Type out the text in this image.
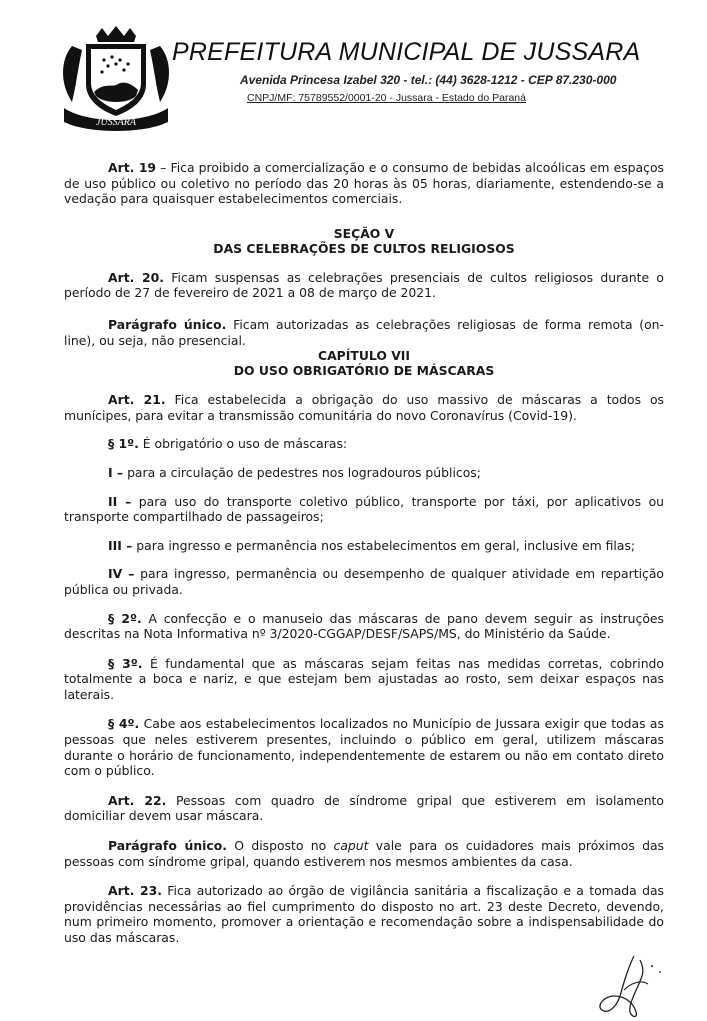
JUSSARA
PREFEITURA MUNICIPAL DE JUSSARA
Avenida Princesa Izabel 320 - tel.: (44) 3628-1212 - CEP 87.230-000
CNPJ/MF: 75789552/0001-20 - Jussara - Estado do Paraná

Art. 19 – Fica proibido a comercialização e o consumo de bebidas alcoólicas em espaços de uso público ou coletivo no período das 20 horas às 05 horas, diariamente, estendendo-se a vedação para quaisquer estabelecimentos comerciais.

SEÇÃO V

DAS CELEBRAÇÕES DE CULTOS RELIGIOSOS

Art. 20. Ficam suspensas as celebrações presenciais de cultos religiosos durante o período de 27 de fevereiro de 2021 a 08 de março de 2021.

Parágrafo único. Ficam autorizadas as celebrações religiosas de forma remota (on-line), ou seja, não presencial.

CAPÍTULO VII

DO USO OBRIGATÓRIO DE MÁSCARAS

Art. 21. Fica estabelecida a obrigação do uso massivo de máscaras a todos os munícipes, para evitar a transmissão comunitária do novo Coronavírus (Covid-19).

§ 1º. É obrigatório o uso de máscaras:

I – para a circulação de pedestres nos logradouros públicos;

II – para uso do transporte coletivo público, transporte por táxi, por aplicativos ou transporte compartilhado de passageiros;

III – para ingresso e permanência nos estabelecimentos em geral, inclusive em filas;

IV – para ingresso, permanência ou desempenho de qualquer atividade em repartição pública ou privada.

§ 2º. A confecção e o manuseio das máscaras de pano devem seguir as instruções descritas na Nota Informativa nº 3/2020-CGGAP/DESF/SAPS/MS, do Ministério da Saúde.

§ 3º. É fundamental que as máscaras sejam feitas nas medidas corretas, cobrindo totalmente a boca e nariz, e que estejam bem ajustadas ao rosto, sem deixar espaços nas laterais.

§ 4º. Cabe aos estabelecimentos localizados no Município de Jussara exigir que todas as pessoas que neles estiverem presentes, incluindo o público em geral, utilizem máscaras durante o horário de funcionamento, independentemente de estarem ou não em contato direto com o público.

Art. 22. Pessoas com quadro de síndrome gripal que estiverem em isolamento domiciliar devem usar máscara.

Parágrafo único. O disposto no caput vale para os cuidadores mais próximos das pessoas com síndrome gripal, quando estiverem nos mesmos ambientes da casa.

Art. 23. Fica autorizado ao órgão de vigilância sanitária a fiscalização e a tomada das providências necessárias ao fiel cumprimento do disposto no art. 23 deste Decreto, devendo, num primeiro momento, promover a orientação e recomendação sobre a indispensabilidade do uso das máscaras.
